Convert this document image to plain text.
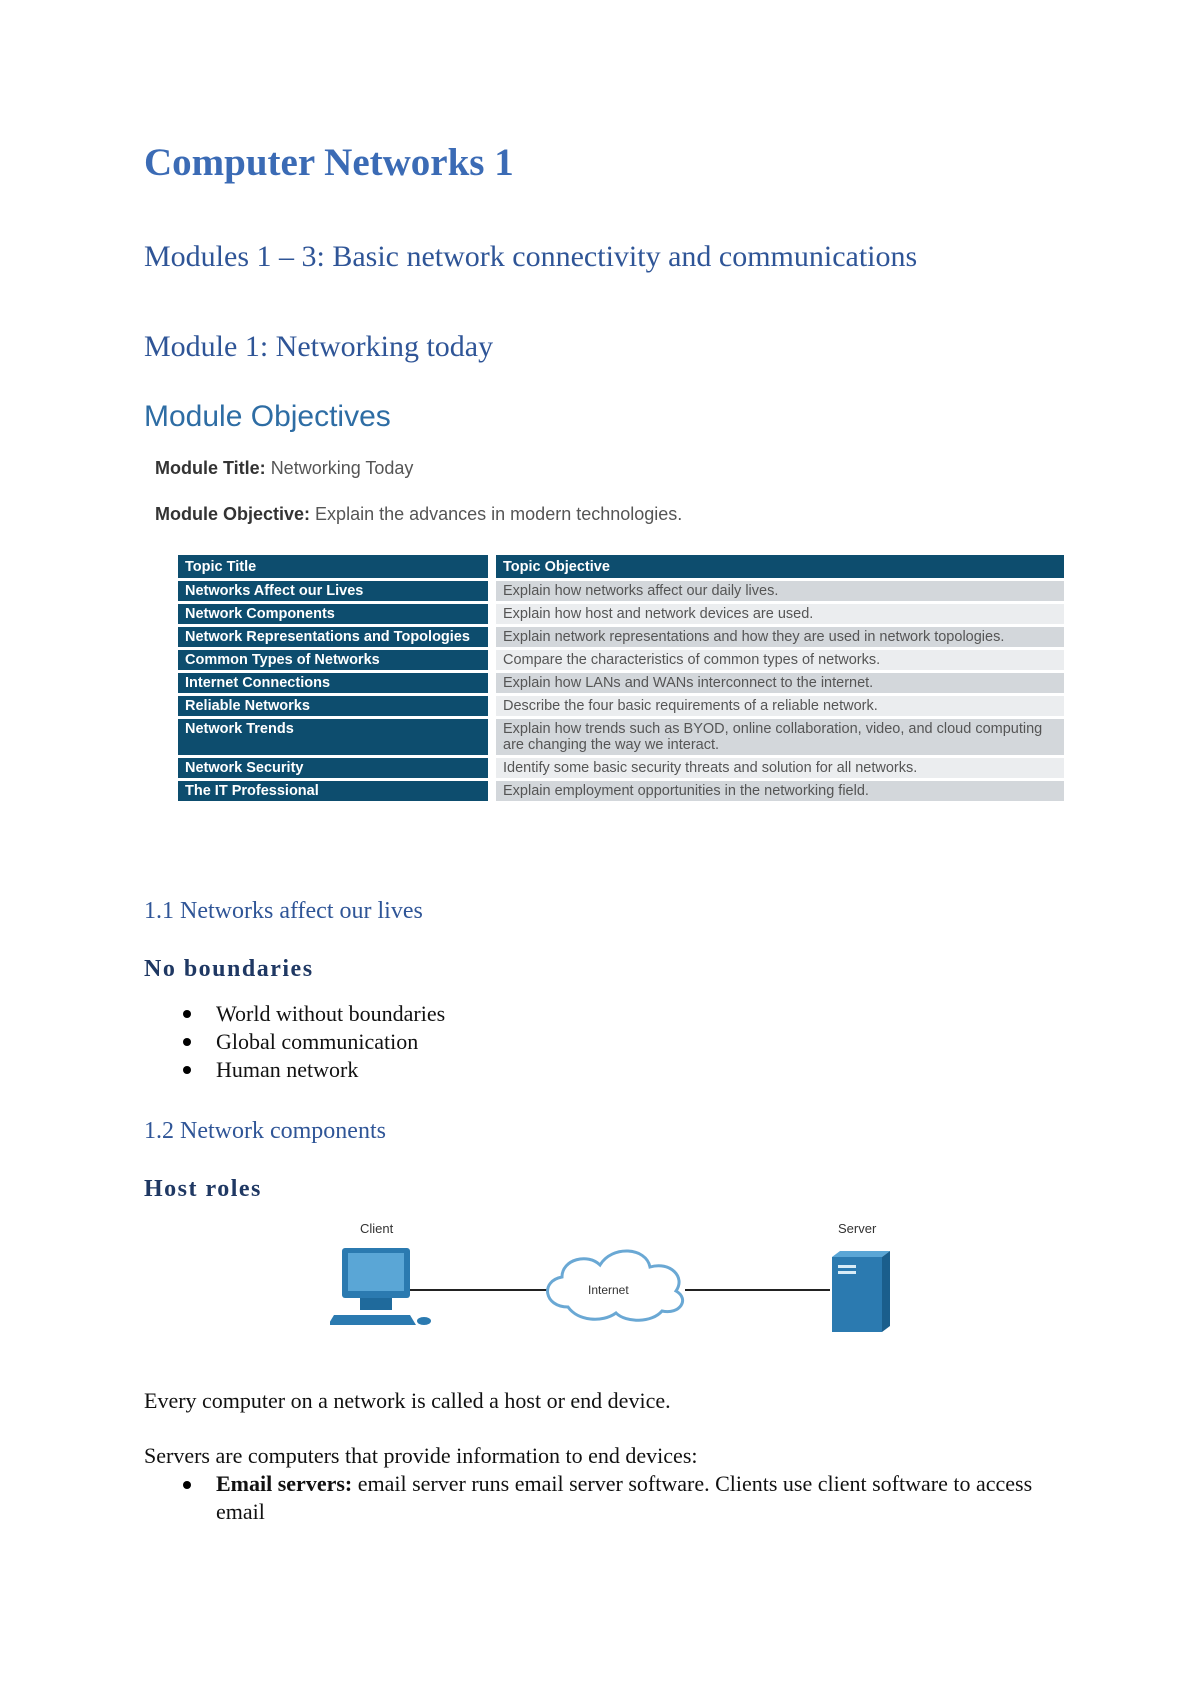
Computer Networks 1
Modules 1 – 3: Basic network connectivity and communications
Module 1: Networking today
Module Objectives
Module Title: Networking Today
Module Objective: Explain the advances in modern technologies.
Topic Title	Topic Objective
Networks Affect our Lives	Explain how networks affect our daily lives.
Network Components	Explain how host and network devices are used.
Network Representations and Topologies	Explain network representations and how they are used in network topologies.
Common Types of Networks	Compare the characteristics of common types of networks.
Internet Connections	Explain how LANs and WANs interconnect to the internet.
Reliable Networks	Describe the four basic requirements of a reliable network.
Network Trends	Explain how trends such as BYOD, online collaboration, video, and cloud computing are changing the way we interact.
Network Security	Identify some basic security threats and solution for all networks.
The IT Professional	Explain employment opportunities in the networking field.
1.1 Networks affect our lives
No boundaries
World without boundaries
Global communication
Human network
1.2 Network components
Host roles
Client	Server
Internet

Every computer on a network is called a host or end device.

Servers are computers that provide information to end devices:

Email servers: email server runs email server software. Clients use client software to access email
